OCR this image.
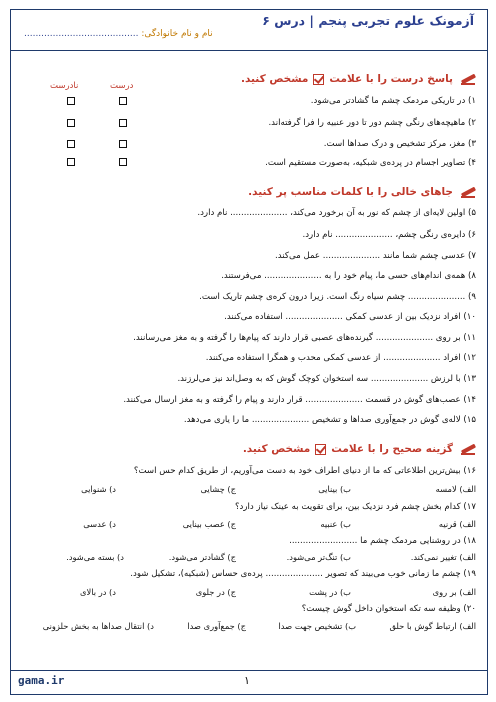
آزمونک علوم تجربی پنجم | درس ۶
نام و نام خانوادگی: ........................................
پاسخ درست را با علامت
مشخص کنید.
درست
نادرست
۱) در تاریکی مردمک چشم ما گشادتر می‌شود.
۲) ماهیچه‌های رنگی چشم دور تا دور عنبیه را فرا گرفته‌اند.
۳) مغز، مرکز تشخیص و درک صداها است.
۴) تصاویر اجسام در پرده‌ی شبکیه، به‌صورت مستقیم است.
جاهای خالی را با کلمات مناسب پر کنید.
۵) اولین لایه‌ای از چشم که نور به آن برخورد می‌کند، ..................... نام دارد.
۶) دایره‌ی رنگی چشم، ..................... نام دارد.
۷) عدسی چشم شما مانند ..................... عمل می‌کند.
۸) همه‌ی اندام‌های حسی ما، پیام خود را به ..................... می‌فرستند.
۹) ..................... چشم سیاه رنگ است. زیرا درون کره‌ی چشم تاریک است.
۱۰) افراد نزدیک بین از عدسی کمکی ..................... استفاده می‌کنند.
۱۱) بر روی ..................... گیرنده‌های عصبی قرار دارند که پیام‌ها را گرفته و به مغز می‌رسانند.
۱۲) افراد ..................... از عدسی کمکی محدب و همگرا استفاده می‌کنند.
۱۳) با لرزش ..................... سه استخوان کوچک گوش که به وصل‌اند نیز می‌لرزند.
۱۴) عصب‌های گوش در قسمت ..................... قرار دارند و پیام را گرفته و به مغز ارسال می‌کنند.
۱۵) لاله‌ی گوش در جمع‌آوری صداها و تشخیص ..................... ما را یاری می‌دهد.
گزینه صحیح را با علامت
مشخص کنید.
۱۶) بیش‌ترین اطلاعاتی که ما از دنیای اطراف خود به دست می‌آوریم، از طریق کدام حس است؟
الف) لامسه
ب) بینایی
ج) چشایی
د) شنوایی
۱۷) کدام بخش چشم فرد نزدیک بین، برای تقویت به عینک نیاز دارد؟
الف) قرنیه
ب) عنبیه
ج) عصب بینایی
د) عدسی
۱۸) در روشنایی مردمک چشم ما .........................
الف) تغییر نمی‌کند.
ب) تنگ‌تر می‌شود.
ج) گشادتر می‌شود.
د) بسته می‌شود.
۱۹) چشم ما زمانی خوب می‌بیند که تصویر ..................... پرده‌ی حساس (شبکیه)، تشکیل شود.
الف) بر روی
ب) در پشت
ج) در جلوی
د) در بالای
۲۰) وظیفه سه تکه استخوان داخل گوش چیست؟
الف) ارتباط گوش با حلق
ب) تشخیص جهت صدا
ج) جمع‌آوری صدا
د) انتقال صداها به بخش حلزونی
gama.ir	۱
